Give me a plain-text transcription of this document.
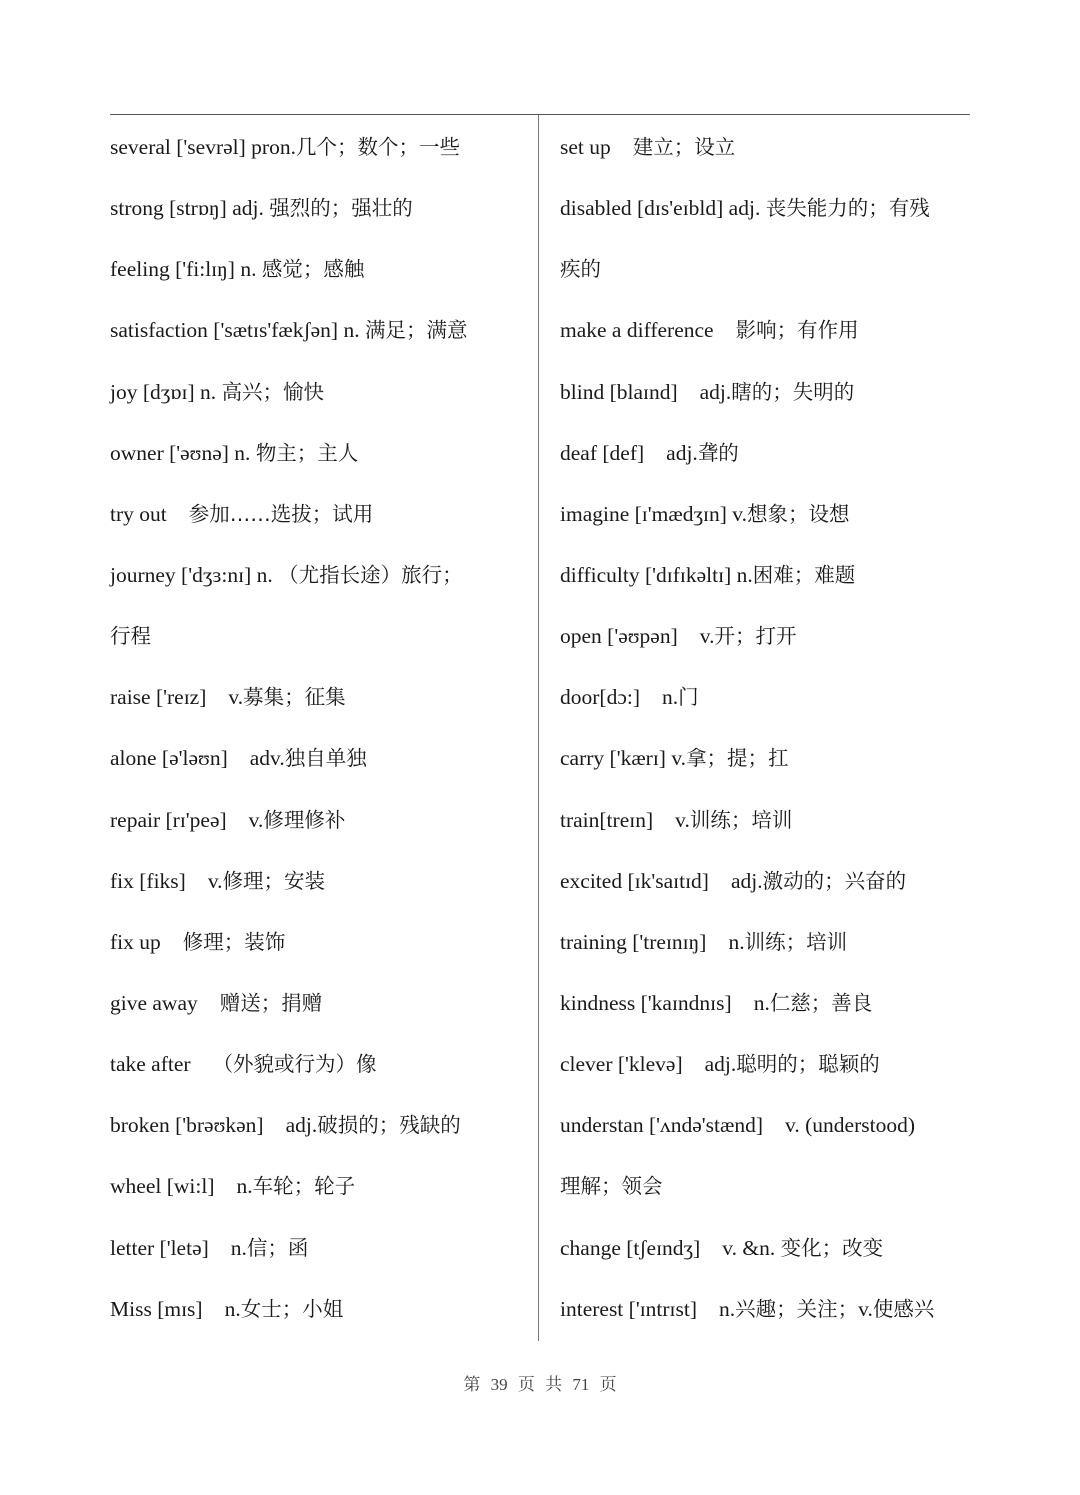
several ['sevrəl] pron.几个；数个；一些
strong [strɒŋ] adj. 强烈的；强壮的
feeling ['fi:lɪŋ] n. 感觉；感触
satisfaction ['sætɪs'fækʃən] n. 满足；满意
joy [dʒɒɪ] n. 高兴；愉快
owner ['əʊnə] n. 物主；主人
try out 参加……选拔；试用
journey ['dʒɜ:nɪ] n. （尤指长途）旅行；
行程
raise ['reɪz] v.募集；征集
alone [ə'ləʊn] adv.独自单独
repair [rɪ'peə] v.修理修补
fix [fiks] v.修理；安装
fix up 修理；装饰
give away 赠送；捐赠
take after （外貌或行为）像
broken ['brəʊkən] adj.破损的；残缺的
wheel [wi:l] n.车轮；轮子
letter ['letə] n.信；函
Miss [mɪs] n.女士；小姐
set up 建立；设立
disabled [dɪs'eɪbld] adj. 丧失能力的；有残
疾的
make a difference 影响；有作用
blind [blaɪnd] adj.瞎的；失明的
deaf [def] adj.聋的
imagine [ɪ'mædʒɪn] v.想象；设想
difficulty ['dɪfɪkəltɪ] n.困难；难题
open ['əʊpən] v.开；打开
door[dɔ:] n.门
carry ['kærɪ] v.拿；提；扛
train[treɪn] v.训练；培训
excited [ɪk'saɪtɪd] adj.激动的；兴奋的
training ['treɪnɪŋ] n.训练；培训
kindness ['kaɪndnɪs] n.仁慈；善良
clever ['klevə] adj.聪明的；聪颖的
understan ['ʌndə'stænd] v. (understood)
理解；领会
change [tʃeɪndʒ] v. &n. 变化；改变
interest ['ɪntrɪst] n.兴趣；关注；v.使感兴
第 39 页 共 71 页
